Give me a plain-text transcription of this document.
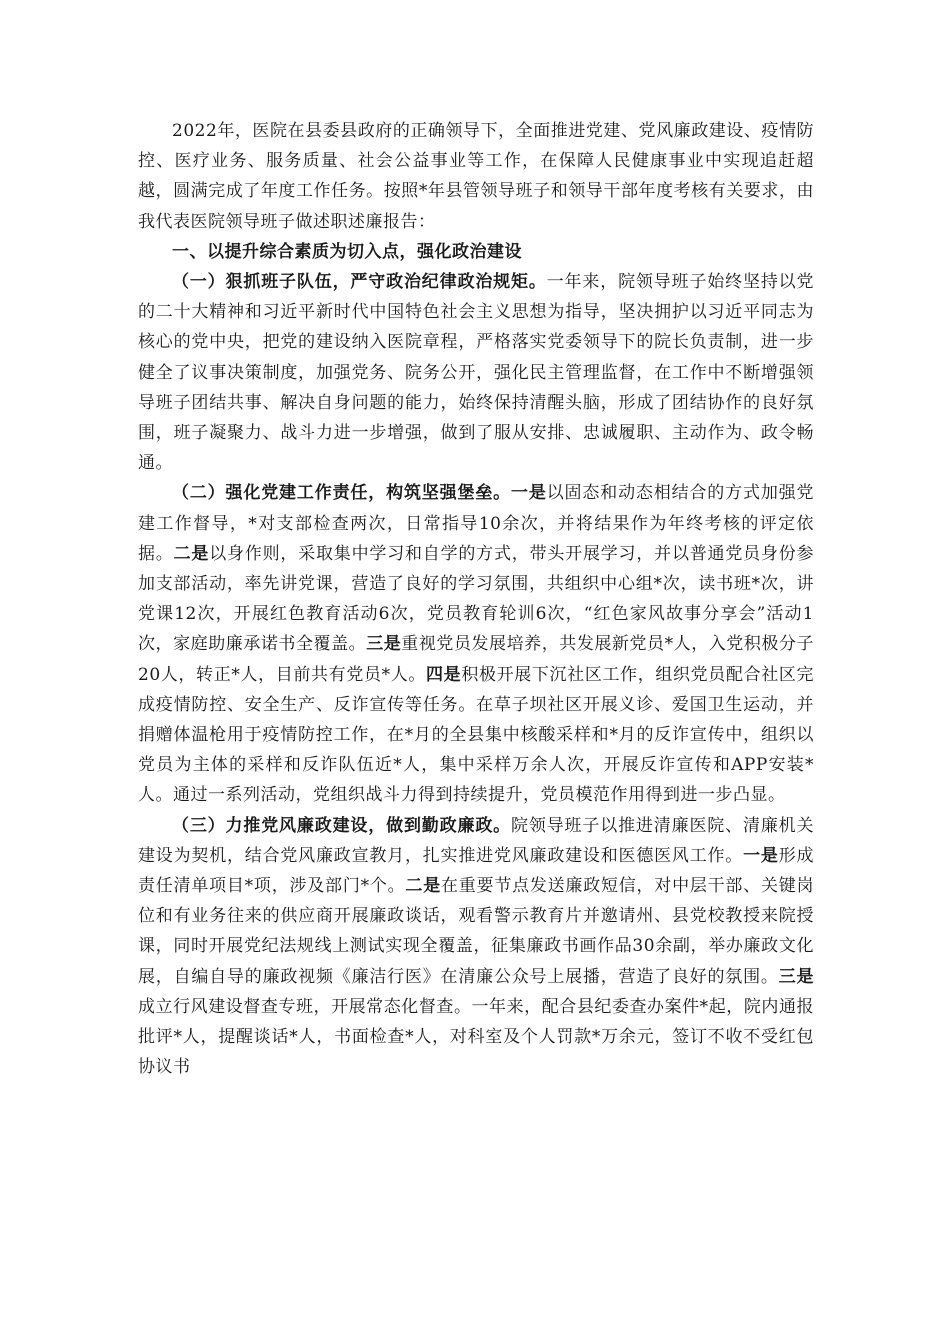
2022年，医院在县委县政府的正确领导下，全面推进党建、党风廉政建设、疫情防控、医疗业务、服务质量、社会公益事业等工作，在保障人民健康事业中实现追赶超越，圆满完成了年度工作任务。按照*年县管领导班子和领导干部年度考核有关要求，由我代表医院领导班子做述职述廉报告：

一、以提升综合素质为切入点，强化政治建设

（一）狠抓班子队伍，严守政治纪律政治规矩。一年来，院领导班子始终坚持以党的二十大精神和习近平新时代中国特色社会主义思想为指导，坚决拥护以习近平同志为核心的党中央，把党的建设纳入医院章程，严格落实党委领导下的院长负责制，进一步健全了议事决策制度，加强党务、院务公开，强化民主管理监督，在工作中不断增强领导班子团结共事、解决自身问题的能力，始终保持清醒头脑，形成了团结协作的良好氛围，班子凝聚力、战斗力进一步增强，做到了服从安排、忠诚履职、主动作为、政令畅通。

（二）强化党建工作责任，构筑坚强堡垒。一是以固态和动态相结合的方式加强党建工作督导，*对支部检查两次，日常指导10余次，并将结果作为年终考核的评定依据。二是以身作则，采取集中学习和自学的方式，带头开展学习，并以普通党员身份参加支部活动，率先讲党课，营造了良好的学习氛围，共组织中心组*次，读书班*次，讲党课12次，开展红色教育活动6次，党员教育轮训6次，“红色家风故事分享会”活动1次，家庭助廉承诺书全覆盖。三是重视党员发展培养，共发展新党员*人，入党积极分子20人，转正*人，目前共有党员*人。四是积极开展下沉社区工作，组织党员配合社区完成疫情防控、安全生产、反诈宣传等任务。在草子坝社区开展义诊、爱国卫生运动，并捐赠体温枪用于疫情防控工作，在*月的全县集中核酸采样和*月的反诈宣传中，组织以党员为主体的采样和反诈队伍近*人，集中采样万余人次，开展反诈宣传和APP安装*人。通过一系列活动，党组织战斗力得到持续提升，党员模范作用得到进一步凸显。

（三）力推党风廉政建设，做到勤政廉政。院领导班子以推进清廉医院、清廉机关建设为契机，结合党风廉政宣教月，扎实推进党风廉政建设和医德医风工作。一是形成责任清单项目*项，涉及部门*个。二是在重要节点发送廉政短信，对中层干部、关键岗位和有业务往来的供应商开展廉政谈话，观看警示教育片并邀请州、县党校教授来院授课，同时开展党纪法规线上测试实现全覆盖，征集廉政书画作品30余副，举办廉政文化展，自编自导的廉政视频《廉洁行医》在清廉公众号上展播，营造了良好的氛围。三是成立行风建设督查专班，开展常态化督查。一年来，配合县纪委查办案件*起，院内通报批评*人，提醒谈话*人，书面检查*人，对科室及个人罚款*万余元，签订不收不受红包协议书
